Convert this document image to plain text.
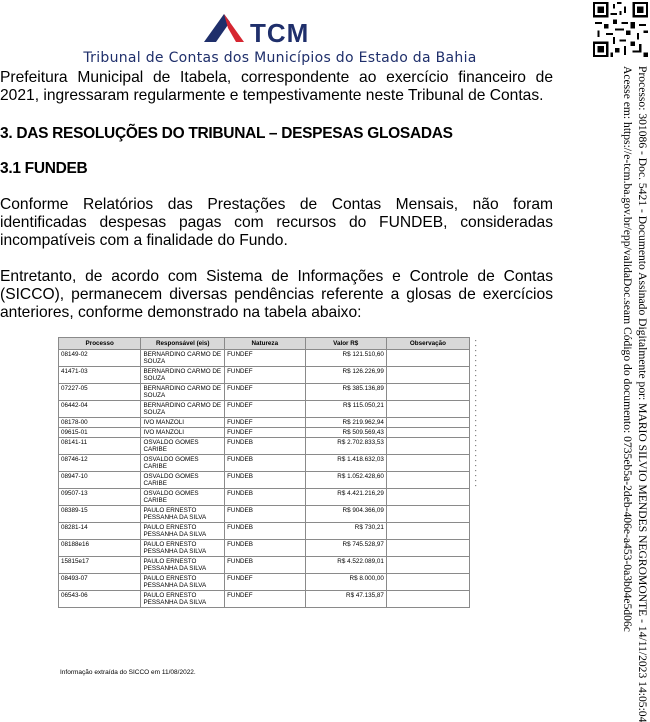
TCM
Tribunal de Contas dos Municípios do Estado da Bahia
Processo: 301086 - Doc. 5421 - Documento Assinado Digitalmente por: MARIO SILVIO MENDES NEGROMONTE - 14/11/2023 14:05:04
Acesse em: https://e-tcm.ba.gov.br/epp/validaDoc.seam Código do documento: 0735eb5a-2deb-406e-a453-0a3b04e5d06c

Prefeitura Municipal de Itabela, correspondente ao exercício financeiro de 2021, ingressaram regularmente e tempestivamente neste Tribunal de Contas.

3. DAS RESOLUÇÕES DO TRIBUNAL – DESPESAS GLOSADAS

3.1 FUNDEB

Conforme Relatórios das Prestações de Contas Mensais, não foram identificadas despesas pagas com recursos do FUNDEB, consideradas incompatíveis com a finalidade do Fundo.

Entretanto, de acordo com Sistema de Informações e Controle de Contas (SICCO), permanecem diversas pendências referente a glosas de exercícios anteriores, conforme demonstrado na tabela abaixo:

Processo	Responsável (eis)	Natureza	Valor R$	Observação
08149-02	BERNARDINO CARMO DE SOUZA	FUNDEF	R$ 121.510,60	
41471-03	BERNARDINO CARMO DE SOUZA	FUNDEF	R$ 126.226,99	
07227-05	BERNARDINO CARMO DE SOUZA	FUNDEF	R$ 385.136,89	
06442-04	BERNARDINO CARMO DE SOUZA	FUNDEF	R$ 115.050,21	
08178-00	IVO MANZOLI	FUNDEF	R$ 219.962,94	
09615-01	IVO MANZOLI	FUNDEF	R$ 509.569,43	
08141-11	OSVALDO GOMES CARIBE	FUNDEB	R$ 2.702.833,53	
08746-12	OSVALDO GOMES CARIBE	FUNDEB	R$ 1.418.632,03	
08947-10	OSVALDO GOMES CARIBE	FUNDEB	R$ 1.052.428,60	
09507-13	OSVALDO GOMES CARIBE	FUNDEB	R$ 4.421.216,29	
08389-15	PAULO ERNESTO PESSANHA DA SILVA	FUNDEB	R$ 904.366,09	
08281-14	PAULO ERNESTO PESSANHA DA SILVA	FUNDEB	R$ 730,21	
08188e16	PAULO ERNESTO PESSANHA DA SILVA	FUNDEB	R$ 745.528,97	
15815e17	PAULO ERNESTO PESSANHA DA SILVA	FUNDEB	R$ 4.522.089,01	
08493-07	PAULO ERNESTO PESSANHA DA SILVA	FUNDEF	R$ 8.000,00	
06543-06	PAULO ERNESTO PESSANHA DA SILVA	FUNDEF	R$ 47.135,87	
▪▪▪▪▪▪▪▪▪▪▪▪▪▪▪▪▪▪▪▪▪▪▪▪▪▪▪▪▪▪
Informação extraída do SICCO em 11/08/2022.
